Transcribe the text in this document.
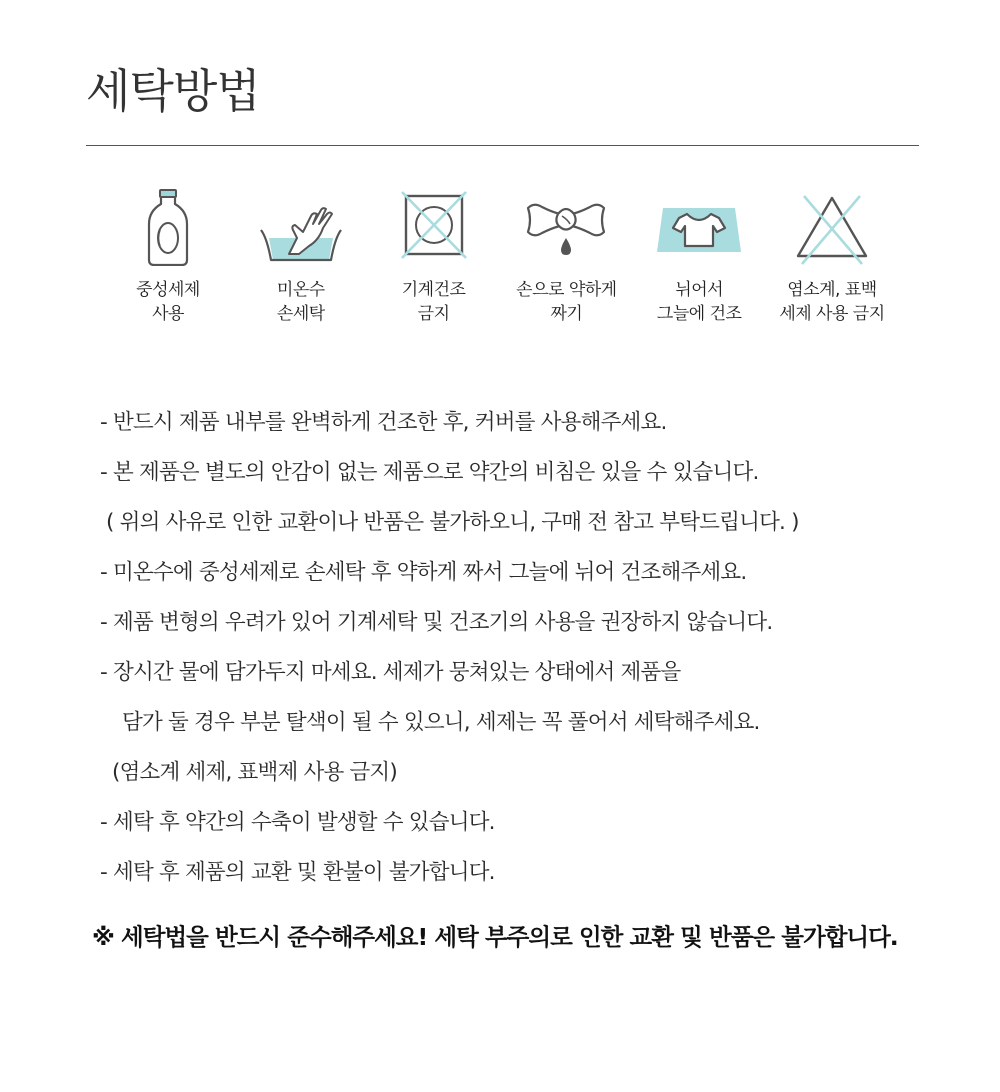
세탁방법
중성세제
사용
미온수
손세탁
기계건조
금지
손으로 약하게
짜기
뉘어서
그늘에 건조
염소계, 표백
세제 사용 금지
- 반드시 제품 내부를 완벽하게 건조한 후, 커버를 사용해주세요.
- 본 제품은 별도의 안감이 없는 제품으로 약간의 비침은 있을 수 있습니다.
( 위의 사유로 인한 교환이나 반품은 불가하오니, 구매 전 참고 부탁드립니다. )
- 미온수에 중성세제로 손세탁 후 약하게 짜서 그늘에 뉘어 건조해주세요.
- 제품 변형의 우려가 있어 기계세탁 및 건조기의 사용을 권장하지 않습니다.
- 장시간 물에 담가두지 마세요. 세제가 뭉쳐있는 상태에서 제품을
담가 둘 경우 부분 탈색이 될 수 있으니, 세제는 꼭 풀어서 세탁해주세요.
(염소계 세제, 표백제 사용 금지)
- 세탁 후 약간의 수축이 발생할 수 있습니다.
- 세탁 후 제품의 교환 및 환불이 불가합니다.
※ 세탁법을 반드시 준수해주세요! 세탁 부주의로 인한 교환 및 반품은 불가합니다.
